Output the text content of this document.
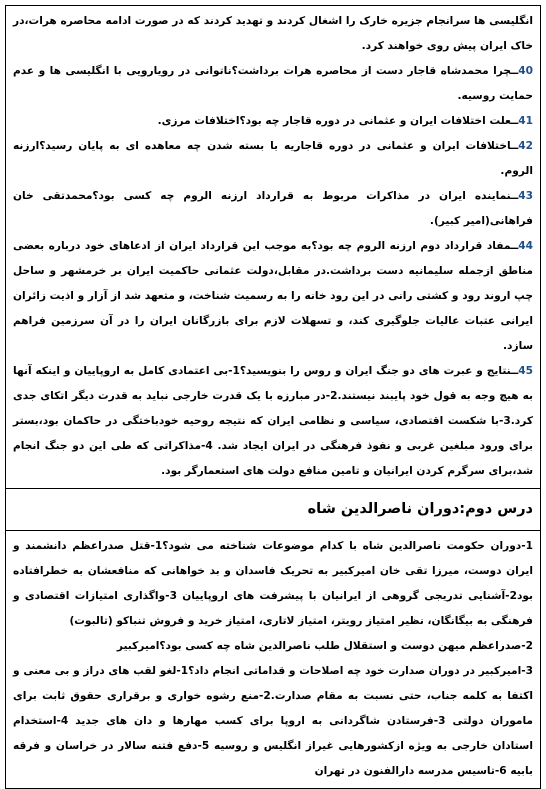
انگلیسی ها سرانجام جزیره خارک را اشغال کردند و تهدید کردند که در صورت ادامه محاصره هرات،در خاک ایران پیش روی خواهند کرد.

40ــچرا محمدشاه قاجار دست از محاصره هرات برداشت؟ناتوانی در رویارویی با انگلیسی ها و عدم حمایت روسیه.

41ــعلت اختلافات ایران و عثمانی در دوره قاجار چه بود؟اختلافات مرزی.

42ــاختلافات ایران و عثمانی در دوره قاجاریه با بسته شدن چه معاهده ای به پایان رسید؟ارزنه الروم.

43ــنماینده ایران در مذاکرات مربوط به قرارداد ارزنه الروم چه کسی بود؟محمدتقی خان فراهانی(امیر کبیر).

44ــمفاد قرارداد دوم ارزنه الروم چه بود؟به موجب این قرارداد ایران از ادعاهای خود درباره بعضی مناطق ازجمله سلیمانیه دست برداشت.در مقابل،دولت عثمانی حاکمیت ایران بر خرمشهر و ساحل چپ اروند رود و کشتی رانی در این رود خانه را به رسمیت شناخت، و متعهد شد از آزار و اذیت زائران ایرانی عتبات عالیات جلوگیری کند، و تسهلات لازم برای بازرگانان ایران را در آن سرزمین فراهم سازد.

45ــنتایج و عبرت های دو جنگ ایران و روس را بنویسید؟1-بی اعتمادی کامل به اروپاییان و اینکه آنها به هیچ وجه به قول خود پایبند نیستند.2-در مبارزه با یک قدرت خارجی نباید به قدرت دیگر اتکای جدی کرد.3-با شکست اقتصادی، سیاسی و نظامی ایران که نتیجه روحیه خودباختگی در حاکمان بود،بستر برای ورود مبلغین غربی و نفوذ فرهنگی در ایران ایجاد شد. 4-مذاکراتی که طی این دو جنگ انجام شد،برای سرگرم کردن ایرانیان و تامین منافع دولت های استعمارگر بود.

درس دوم:دوران ناصرالدین شاه

1-دوران حکومت ناصرالدین شاه با کدام موضوعات شناخته می شود؟1-قتل صدراعظم دانشمند و ایران دوست، میرزا تقی خان امیرکبیر به تحریک فاسدان و بد خواهانی که منافعشان به خطرافتاده بود2-آشنایی تدریجی گروهی از ایرانیان با پیشرفت های اروپاییان 3-واگذاری امتیازات اقتصادی و فرهنگی به بیگانگان، نظیر امتیاز رویتر، امتیاز لاتاری، امتیاز خرید و فروش تنباکو (تالبوت)

2-صدراعظم میهن دوست و استقلال طلب ناصرالدین شاه چه کسی بود؟امیرکبیر

3-امیرکبیر در دوران صدارت خود چه اصلاحات و قداماتی انجام داد؟1-لغو لقب های دراز و بی معنی و اکتفا به کلمه جناب، حتی نسبت به مقام صدارت.2-منع رشوه خواری و برقراری حقوق ثابت برای ماموران دولتی 3-فرستادن شاگردانی به اروپا برای کسب مهارها و دان های جدید 4-استخدام استادان خارجی به ویژه ازکشورهایی غیراز انگلیس و روسیه 5-دفع فتنه سالار در خراسان و فرقه بابیه 6-تاسیس مدرسه دارالفنون در تهران
